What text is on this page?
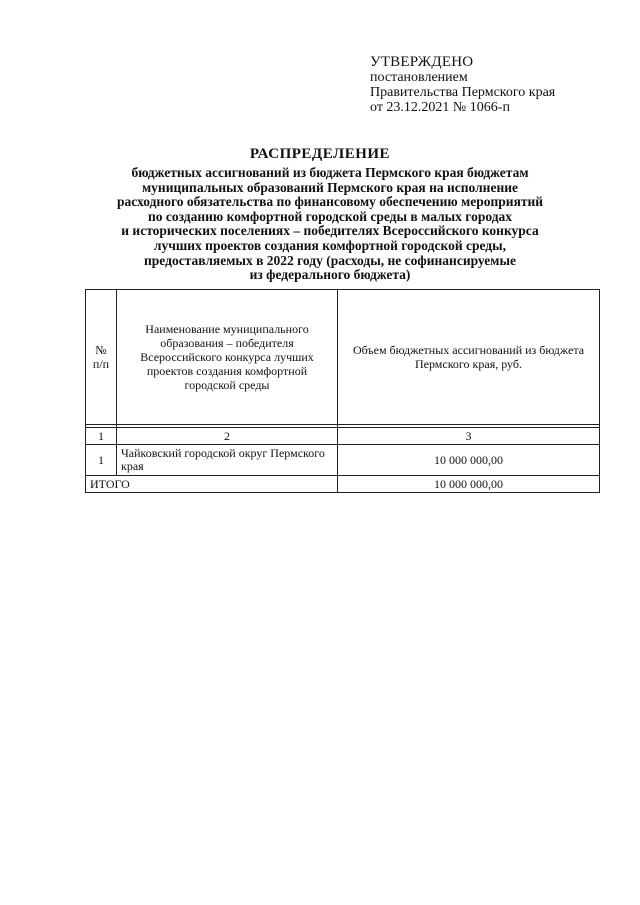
УТВЕРЖДЕНО
постановлением
Правительства Пермского края
от 23.12.2021 № 1066-п
РАСПРЕДЕЛЕНИЕ
бюджетных ассигнований из бюджета Пермского края бюджетам
муниципальных образований Пермского края на исполнение
расходного обязательства по финансовому обеспечению мероприятий
по созданию комфортной городской среды в малых городах
и исторических поселениях – победителях Всероссийского конкурса
лучших проектов создания комфортной городской среды,
предоставляемых в 2022 году (расходы, не софинансируемые
из федерального бюджета)
№ п/п	Наименование муниципального образования – победителя Всероссийского конкурса лучших проектов создания комфортной городской среды	Объем бюджетных ассигнований из бюджета Пермского края, руб.

1	2	3
1	Чайковский городской округ Пермского края	10 000 000,00
ИТОГО		10 000 000,00
